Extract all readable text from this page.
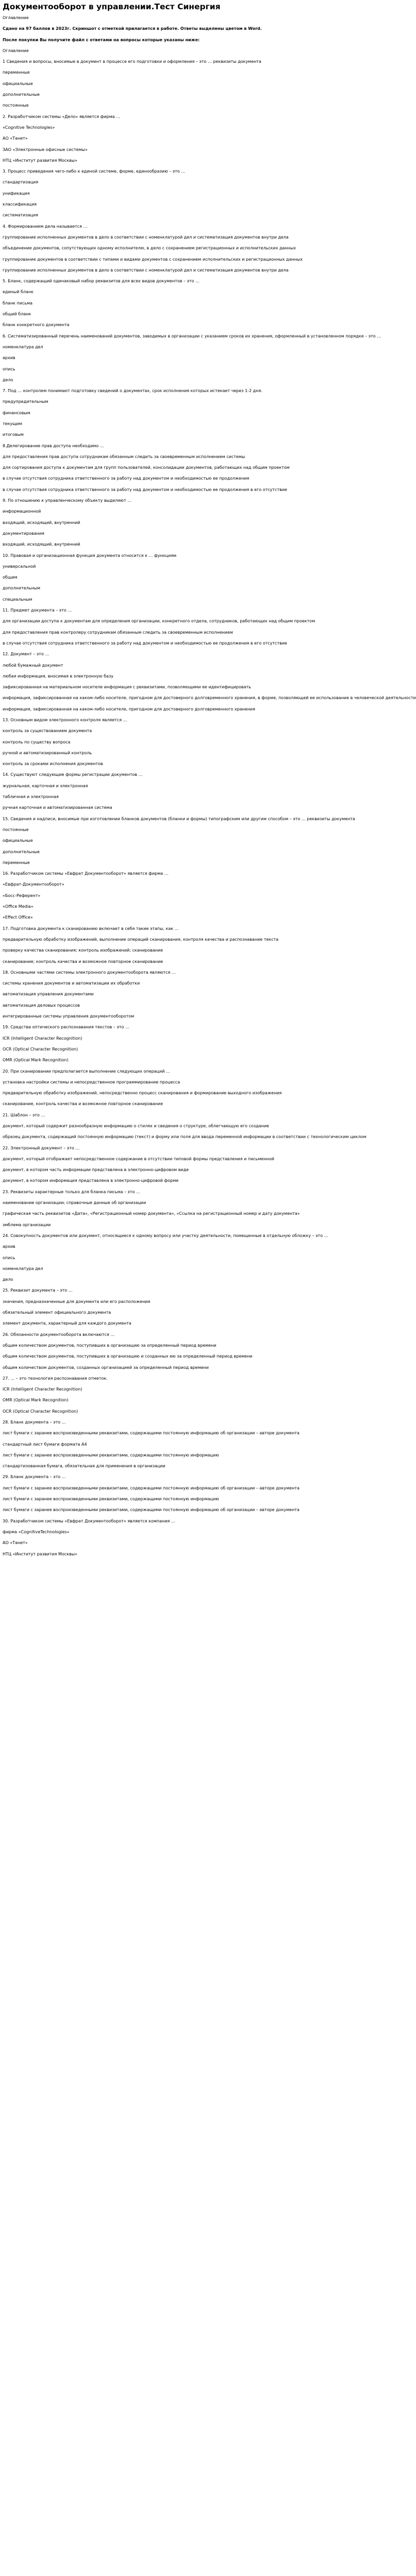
Документооборот в управлении.Тест Синергия
Оглавление
Сдано на 97 баллов в 2023г. Скриншот с отметкой прилагается в работе. Ответы выделены цветом в Word.
После покупки Вы получите файл с ответами на вопросы которые указаны ниже:
Оглавление
1 Сведения и вопросы, вносимые в документ в процессе его подготовки и оформления – это … реквизиты документа
переменные
официальные
дополнительные
постоянные
2. Разработчиком системы «Дело» является фирма …
«Cognitive Technologies»
АО «Танет»
ЗАО «Электронные офисные системы»
НТЦ «Институт развития Москвы»
3. Процесс приведения чего-либо к единой системе, форме, единообразию – это …
стандартизация
унификация
классификация
систематизация
4. Формированием дела называется …
группирование исполненных документов в дело в соответствии с номенклатурой дел и систематизация документов внутри дела
объединение документов, сопутствующих одному исполнителю, в дело с сохранением регистрационных и исполнительских данных
группирование документов в соответствии с типами и видами документов с сохранением исполнительских и регистрационных данных
группирование исполненных документов в дело в соответствии с номенклатурой дел и систематизация документов внутри дела
5. Бланк, содержащий одинаковый набор реквизитов для всех видов документов – это …
единый бланк
бланк письма
общий бланк
бланк конкретного документа
6. Систематизированный перечень наименований документов, заводимых в организации с указанием сроков их хранения, оформленный в установленном порядке – это …
номенклатура дел
архив
опись
дело
7. Под … контролем понимают подготовку сведений о документах, срок исполнения которых истекает через 1-2 дня.
предупредительным
финансовым
текущим
итоговым
8.Делегирование прав доступа необходимо …
для предоставления прав доступа сотрудникам обязанным следить за своевременным исполнением системы
для сортирования доступа к документам для групп пользователей, консолидации документов, работающих над общим проектом
в случае отсутствия сотрудника ответственного за работу над документом и необходимостью ее продолжения
в случае отсутствия сотрудника ответственного за работу над документом и необходимостью ее продолжения в его отсутствие
9. По отношению к управленческому объекту выделяют …
информационной
входящий, исходящий, внутренний
документирования
входящий, исходящий, внутренний
10. Правовая и организационная функция документа относится к … функциям
универсальной
общим
дополнительным
специальным
11. Предмет документа – это …
для организации доступа к документам для определения организации, конкретного отдела, сотрудников, работающих над общим проектом
для предоставления прав контролеру сотрудникам обязанным следить за своевременным исполнением
в случае отсутствия сотрудника ответственного за работу над документом и необходимостью ее продолжения в его отсутствие
12. Документ – это …
любой бумажный документ
любая информация, вносимая в электронную базу
зафиксированная на материальном носителе информация с реквизитами, позволяющими ее идентифицировать
информация, зафиксированная на каком-либо носителе, пригодном для достоверного долговременного хранения, в форме, позволяющей ее использование в человеческой деятельности
информация, зафиксированная на каком-либо носителе, пригодном для достоверного долговременного хранения
13. Основным видом электронного контроля является …
контроль за существованием документа
контроль по существу вопроса
ручной и автоматизированный контроль
контроль за сроками исполнения документов
14. Существуют следующие формы регистрации документов …
журнальная, карточная и электронная
табличная и электронная
ручная карточная и автоматизированная система
15. Сведения и надписи, вносимые при изготовлении бланков документов (бланки и формы) типографским или другим способом – это … реквизиты документа
постоянные
официальные
дополнительные
переменные
16. Разработчиком системы «Евфрат Документооборот» является фирма …
«Евфрат-Документооборот»
«Босс-Референт»
«Office Media»
«Effect Office»
17. Подготовка документа к сканированию включает в себя такие этапы, как …
предварительную обработку изображений, выполнение операций сканирования, контроля качества и распознавание текста
проверку качества сканирования; контроль изображений; сканирование
сканирование; контроль качества и возможное повторное сканирование
18. Основными частями системы электронного документооборота являются …
системы хранения документов и автоматизации их обработки
автоматизация управления документами
автоматизация деловых процессов
интегрированные системы управления документооборотом
19. Средства оптического распознавания текстов – это …
ICR (Intelligent Character Recognition)
OCR (Optical Character Recognition)
OMR (Optical Mark Recognition)
20. При сканировании предполагается выполнение следующих операций …
установка настройки системы и непосредственное программирование процесса
предварительную обработку изображений, непосредственно процесс сканирования и формирование выходного изображения
сканирование, контроль качества и возможное повторное сканирование
21. Шаблон – это …
документ, который содержит разнообразную информацию о стилях и сведения о структуре, облегчающую его создание
образец документа, содержащий постоянную информацию (текст) и форму или поля для ввода переменной информации в соответствии с технологическим циклом
22. Электронный документ – это …
документ, который отображает непосредственное содержание в отсутствии типовой формы представления и письменной
документ, в котором часть информации представлена в электронно-цифровом виде
документ, в котором информация представлена в электронно-цифровой форме
23. Реквизиты характерные только для бланка письма – это …
наименование организации; справочные данные об организации
графическая часть реквизитов «Дата», «Регистрационный номер документа», «Ссылка на регистрационный номер и дату документа»
эмблема организации
24. Совокупность документов или документ, относящиеся к одному вопросу или участку деятельности, помещенные в отдельную обложку – это …
архив
опись
номенклатура дел
дело
25. Реквизит документа – это …
значения, предназначенные для документа или его расположения
обязательный элемент официального документа
элемент документа, характерный для каждого документа
26. Обязанности документооборота включаются …
общим количеством документов, поступивших в организацию за определенный период времени
общим количеством документов, поступивших в организацию и созданных ею за определенный период времени
общим количеством документов, созданных организацией за определенный период времени
27. … – это технология распознавания отметок.
ICR (Intelligent Character Recognition)
OMR (Optical Mark Recognition)
OCR (Optical Character Recognition)
28. Бланк документа – это …
лист бумаги с заранее воспроизведенными реквизитами, содержащими постоянную информацию об организации – авторе документа
стандартный лист бумаги формата А4
лист бумаги с заранее воспроизведенными реквизитами, содержащими постоянную информацию
стандартизованная бумага, обязательная для применения в организации
29. Бланк документа – это …
лист бумаги с заранее воспроизведенными реквизитами, содержащими постоянную информацию об организации – авторе документа
лист бумаги с заранее воспроизведенными реквизитами, содержащими постоянную информацию
лист бумаги с заранее воспроизведенными реквизитами, содержащими постоянную информацию об организации – авторе документа
30. Разработчиком системы «Евфрат Документооборот» является компания …
фирма «CognitiveTechnologies»
АО «Танет»
НТЦ «Институт развития Москвы»
